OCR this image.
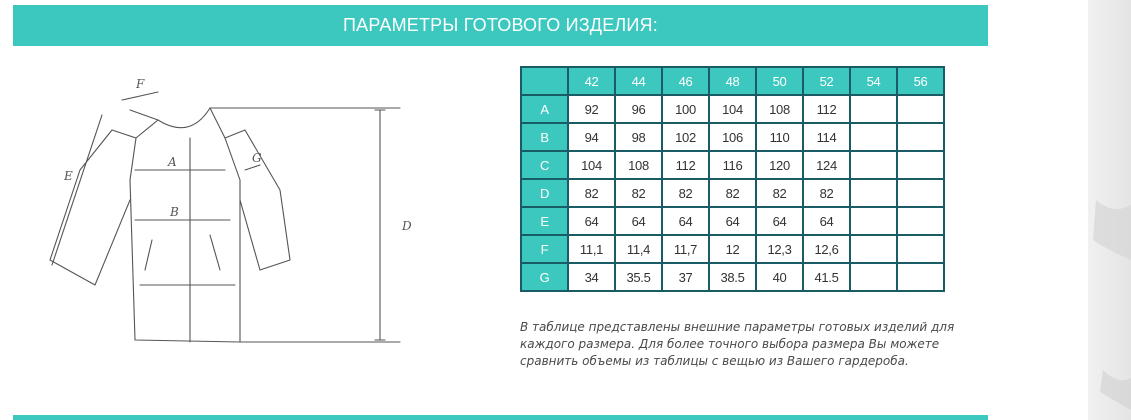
ПАРАМЕТРЫ ГОТОВОГО ИЗДЕЛИЯ:
A
B
D
E
F
G
	42	44	46	48	50	52	54	56
A	92	96	100	104	108	112		
B	94	98	102	106	110	114		
C	104	108	112	116	120	124		
D	82	82	82	82	82	82		
E	64	64	64	64	64	64		
F	11,1	11,4	11,7	12	12,3	12,6		
G	34	35.5	37	38.5	40	41.5		
В таблице представлены внешние параметры готовых изделий для каждого размера. Для более точного выбора размера Вы можете сравнить объемы из таблицы с вещью из Вашего гардероба.
